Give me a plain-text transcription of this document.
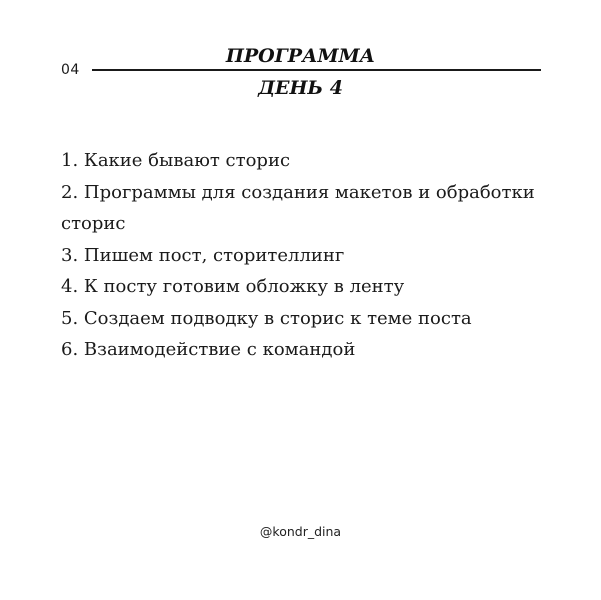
04
ПРОГРАММА
ДЕНЬ 4
1. Какие бывают сторис
2. Программы для создания макетов и обработки сторис
3. Пишем пост, сторителлинг
4. К посту готовим обложку в ленту
5. Создаем подводку в сторис к теме поста
6. Взаимодействие с командой
@kondr_dina
